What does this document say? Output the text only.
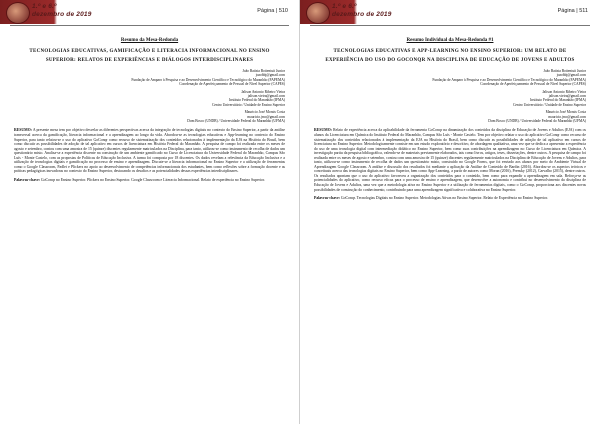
1.º e 6.º
dezembro de 2019	Página | 510
Resumo da Mesa-Redonda
TECNOLOGIAS EDUCATIVAS, GAMIFICAÇÃO E LITERACIA INFORMACIONAL NO ENSINO SUPERIOR: RELATOS DE EXPERIÊNCIAS E DIÁLOGOS INTERDISCIPLINARES
João Batista Bottentuit Junior
joaobbj@gmail.com
Fundação de Amparo à Pesquisa e ao Desenvolvimento Científico e Tecnológico do Maranhão (FAPEMA)
Coordenação de Aperfeiçoamento de Pessoal de Nível Superior (CAPES)
Jalison Antonio Ribeiro Vieira
jalison.vieira@gmail.com
Instituto Federal do Maranhão (IFMA)
Centro Universitário / Unidade de Ensino Superior
Mauricio José Morais Costa
mauricio.jmc@gmail.com
Dom Bosco (UNDB) / Universidade Federal do Maranhão (UFMA)

RESUMO: A presente mesa tem por objetivo desvelar as diferentes perspectivas acerca da integração de tecnologias digitais no contexto do Ensino Superior, a partir da análise transversal acerca da gamificação, literacia informacional e a aprendizagem ao longo da vida. Abordou-se as tecnologias educativas e App-learning no contexto do Ensino Superior, para tanto relatou-se o uso do aplicativo GoConqr como recurso de sistematização dos conteúdos relacionados à implementação da EJA na História do Brasil, bem como discutir as possibilidades de adoção de tal aplicativo em cursos de licenciatura em História Federal do Maranhão. A pesquisa de campo foi realizada entre os meses de agosto e setembro, contou com uma amostra de 15 (quinze) discentes regularmente matriculados na Disciplina, para tanto, utilizou-se como instrumento de recolha de dados um questionário misto. Analisa-se a experiência discente na construção de um ambiente gamificado no Curso de Licenciatura da Universidade Federal do Maranhão, Campus São Luís - Monte Castelo, com as propostas de Políticas de Educação Inclusiva. A turma foi composta por 18 discentes. Os dados revelam a relevância da Educação Inclusiva e a utilização de tecnologias digitais e gamificação no processo de ensino e aprendizagem. Discute-se a literacia informacional no Ensino Superior e a utilização de ferramentas como o Google Classroom, Padlet e Plickers no apoio ao desenvolvimento de competências informacionais dos estudantes, bem como reflexões sobre a formação docente e as práticas pedagógicas inovadoras no contexto do Ensino Superior, destacando os desafios e as potencialidades dessas experiências interdisciplinares.

Palavras-chave: GoConqr no Ensino Superior. Plickers no Ensino Superior. Google Classroom e Literacia Informacional. Relato de experiência no Ensino Superior.

1.º e 6.º
dezembro de 2019	Página | 511
Resumo Individual da Mesa-Redonda #1
TECNOLOGIAS EDUCATIVAS E APP-LEARNING NO ENSINO SUPERIOR: UM RELATO DE EXPERIÊNCIA DO USO DO GOCONQR NA DISCIPLINA DE EDUCAÇÃO DE JOVENS E ADULTOS
João Batista Bottentuit Junior
joaobbj@gmail.com
Fundação de Amparo à Pesquisa e ao Desenvolvimento Científico e Tecnológico do Maranhão (FAPEMA)
Coordenação de Aperfeiçoamento de Pessoal de Nível Superior (CAPES)
Jalison Antonio Ribeiro Vieira
jalison.vieira@gmail.com
Instituto Federal do Maranhão (IFMA)
Centro Universitário / Unidade de Ensino Superior
Mauricio José Morais Costa
mauricio.jmc@gmail.com
Dom Bosco (UNDB) / Universidade Federal do Maranhão (UFMA)

RESUMO: Relato de experiência acerca da aplicabilidade da ferramenta GoConqr na dinamização dos conteúdos da disciplina de Educação de Jovens e Adultos (EJA) com os alunos da Licenciatura em Química do Instituto Federal do Maranhão, Campus São Luís - Monte Castelo. Tem por objetivo relatar o uso do aplicativo GoConqr como recurso de sistematização dos conteúdos relacionados à implementação da EJA na História do Brasil, bem como discutir as possibilidades de adoção de tal aplicativo em cursos de licenciatura no Ensino Superior. Metodologicamente consiste em um estudo exploratório e descritivo, de abordagem qualitativa, uma vez que se dedica a apresentar a experiência do uso de uma tecnologia digital com intermediação didático no Ensino Superior, bem como suas contribuições na aprendizagem no Curso de Licenciatura em Química. A investigação partiu da pesquisa bibliográfica, valendo-se de materiais previamente elaborados, tais como livros, artigos, teses, dissertações, dentre outros. A pesquisa de campo foi realizada entre os meses de agosto e setembro, contou com uma amostra de 15 (quinze) discentes regularmente matriculados na Disciplina de Educação de Jovens e Adultos, para tanto, utilizou-se como instrumento de recolha de dados um questionário misto, construído no Google Forms, que foi enviado aos alunos por meio do Ambiente Virtual de Aprendizagem Google Classroom. A análise e discussão dos resultados foi mediante a aplicação da Análise de Conteúdo de Bardin (2016). Abordou-se os aspectos teóricos e conceituais acerca das tecnologias digitais no Ensino Superior, bem como App-Learning, a partir de autores como Moran (2016), Prensky (2012), Carvalho (2015), dentre outros. Os resultados apontam que o uso do aplicativo favoreceu a organização dos conteúdos para o conteúdo, bem como para expandir a aprendizagem em sala. Reforça-se as potencialidades do aplicativo, como recurso eficaz para o processo de ensino e aprendizagem, que desenvolve a autonomia e contribui no desenvolvimento da disciplina de Educação de Jovens e Adultos, uma vez que a metodologia ativa no Ensino Superior e a utilização de ferramentas digitais, como o GoConqr, proporciona aos discentes novas possibilidades de construção do conhecimento, contribuindo para uma aprendizagem significativa e colaborativa no Ensino Superior.

Palavras-chave: GoConqr. Tecnologias Digitais no Ensino Superior. Metodologias Ativas no Ensino Superior. Relato de Experiência no Ensino Superior.
